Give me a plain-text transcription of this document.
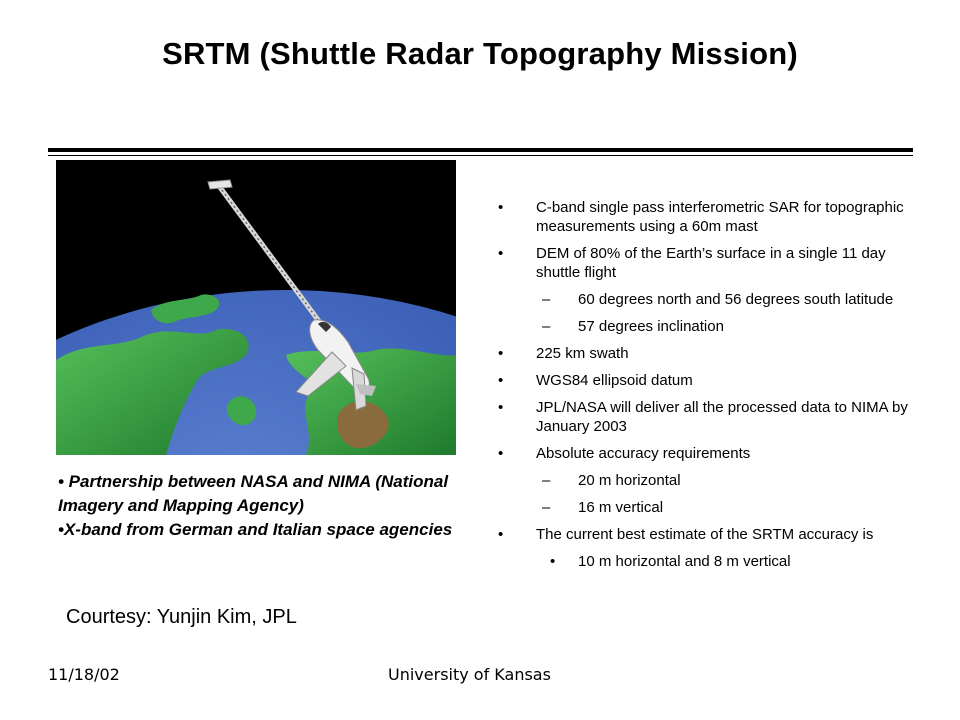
SRTM (Shuttle Radar Topography Mission)

• Partnership between NASA and NIMA (National Imagery and Mapping Agency)

•X-band from German and Italian space agencies

Courtesy: Yunjin Kim, JPL
• C-band single pass interferometric SAR for topographic measurements using a 60m mast
• DEM of 80% of the Earth’s surface in a single 11 day shuttle flight
– 60 degrees north and 56 degrees south latitude
– 57 degrees inclination
• 225 km swath
• WGS84 ellipsoid datum
• JPL/NASA will deliver all the processed data to NIMA by January 2003
• Absolute accuracy requirements
– 20 m horizontal
– 16 m vertical
• The current best estimate of the SRTM accuracy is
• 10 m horizontal and 8 m vertical
11/18/02	University of Kansas
